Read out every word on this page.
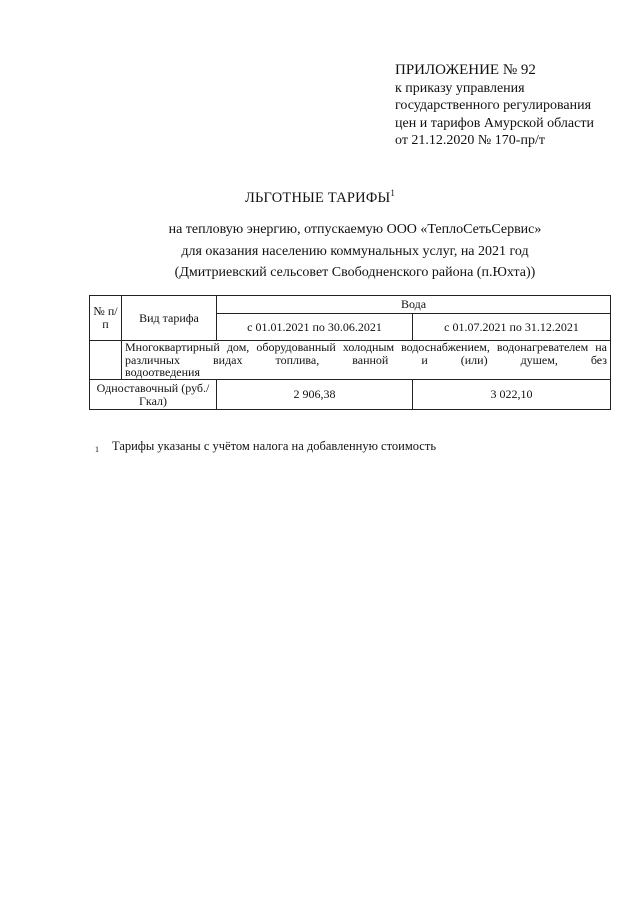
ПРИЛОЖЕНИЕ № 92
к приказу управления
государственного регулирования
цен и тарифов Амурской области
от 21.12.2020 № 170-пр/т
ЛЬГОТНЫЕ ТАРИФЫ$^1$
на тепловую энергию, отпускаемую ООО «ТеплоСетьСервис»
для оказания населению коммунальных услуг, на 2021 год
(Дмитриевский сельсовет Свободненского района (п.Юхта))
№ п/п	Вид тарифа	Вода	
		с 01.01.2021 по 30.06.2021	с 01.07.2021 по 31.12.2021
	Многоквартирный дом, оборудованный холодным водоснабжением, водонагревателем на различных видах топлива, ванной и (или) душем, без
водоотведения		

Одноставочный (руб./Гкал)		2 906,38	3 022,10
1 Тарифы указаны с учётом налога на добавленную стоимость
